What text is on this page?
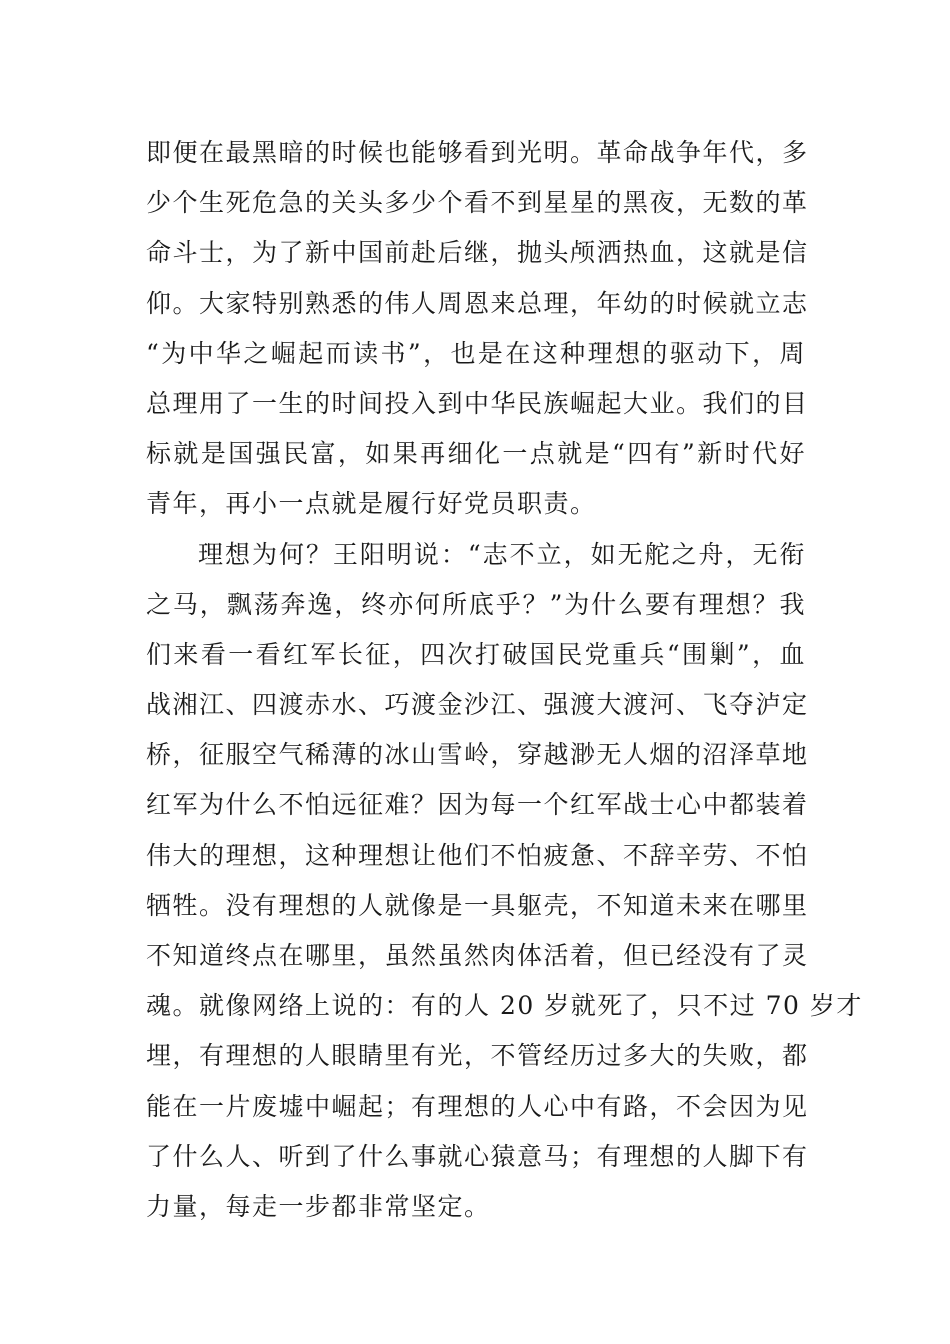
即便在最黑暗的时候也能够看到光明。革命战争年代，多
少个生死危急的关头多少个看不到星星的黑夜，无数的革
命斗士，为了新中国前赴后继，抛头颅洒热血，这就是信
仰。大家特别熟悉的伟人周恩来总理，年幼的时候就立志
“为中华之崛起而读书”，也是在这种理想的驱动下，周
总理用了一生的时间投入到中华民族崛起大业。我们的目
标就是国强民富，如果再细化一点就是“四有”新时代好
青年，再小一点就是履行好党员职责。
理想为何？王阳明说：“志不立，如无舵之舟，无衔
之马，飘荡奔逸，终亦何所底乎？”为什么要有理想？我
们来看一看红军长征，四次打破国民党重兵“围剿”，血
战湘江、四渡赤水、巧渡金沙江、强渡大渡河、飞夺泸定
桥，征服空气稀薄的冰山雪岭，穿越渺无人烟的沼泽草地
红军为什么不怕远征难？因为每一个红军战士心中都装着
伟大的理想，这种理想让他们不怕疲惫、不辞辛劳、不怕
牺牲。没有理想的人就像是一具躯壳，不知道未来在哪里
不知道终点在哪里，虽然虽然肉体活着，但已经没有了灵
魂。就像网络上说的：有的人 20 岁就死了，只不过 70 岁才
埋，有理想的人眼睛里有光，不管经历过多大的失败，都
能在一片废墟中崛起；有理想的人心中有路，不会因为见
了什么人、听到了什么事就心猿意马；有理想的人脚下有
力量，每走一步都非常坚定。
